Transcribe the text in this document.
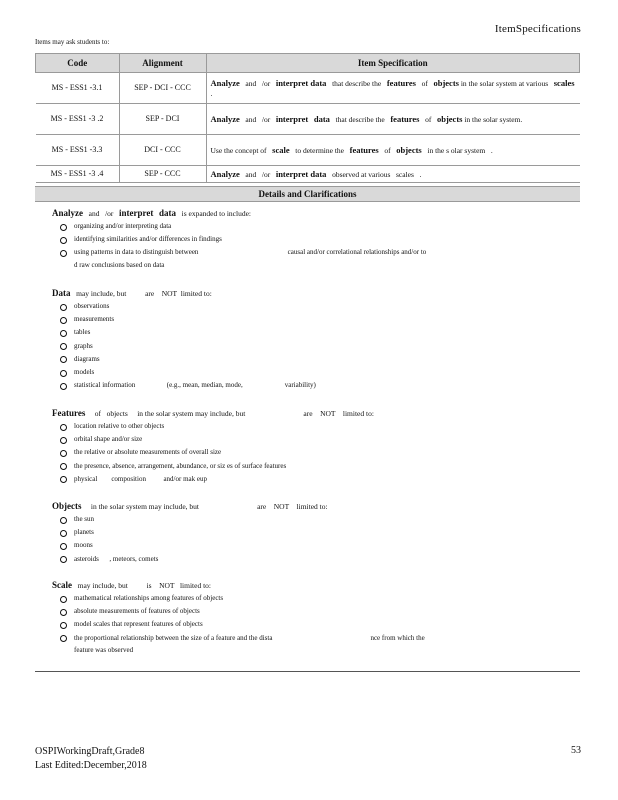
ItemSpecifications
Items may ask students to:
Code	Alignment	Item Specification
MS - ESS1 -3.1	SEP - DCI - CCC	Analyze   and   /or   interpret data   that describe the   features   of   objects in the solar system at various   scales   .
MS - ESS1 -3 .2	SEP - DCI	Analyze   and   /or   interpret data   that describe the   features   of   objects in the solar system.
MS - ESS1 -3.3	DCI - CCC	Use the concept of   scale   to determine the   features   of   objects   in the s olar system   .
MS - ESS1 -3 .4	SEP - CCC	Analyze   and   /or   interpret data   observed at various   scales   .
Details and Clarifications
Analyze   and   /or   interpret data   is expanded to include:
organizing and/or interpreting data
identifying similarities and/or differences in findings
using patterns in data to distinguish between                                                   causal and/or correlational relationships and/or to
d raw conclusions based on data
Data   may include, but          are    NOT  limited to:
observations
measurements
tables
graphs
diagrams
models
statistical information                  (e.g., mean, median, mode,                        variability)
Features     of   objects     in the solar system may include, but                               are    NOT    limited to:
location relative to other objects
orbital shape and/or size
the relative or absolute measurements of overall size
the presence, absence, arrangement, abundance, or siz es of surface features
physical        composition          and/or mak eup
Objects     in the solar system may include, but                               are    NOT    limited to:
the sun
planets
moons
asteroids      , meteors, comets
Scale   may include, but          is    NOT   limited to:
mathematical relationships among features of objects
absolute measurements of features of objects
model scales that represent features of objects
the proportional relationship between the size of a feature and the dista                                                        nce from which the
feature was observed
OSPIWorkingDraft,Grade8
Last Edited:December,2018
53
